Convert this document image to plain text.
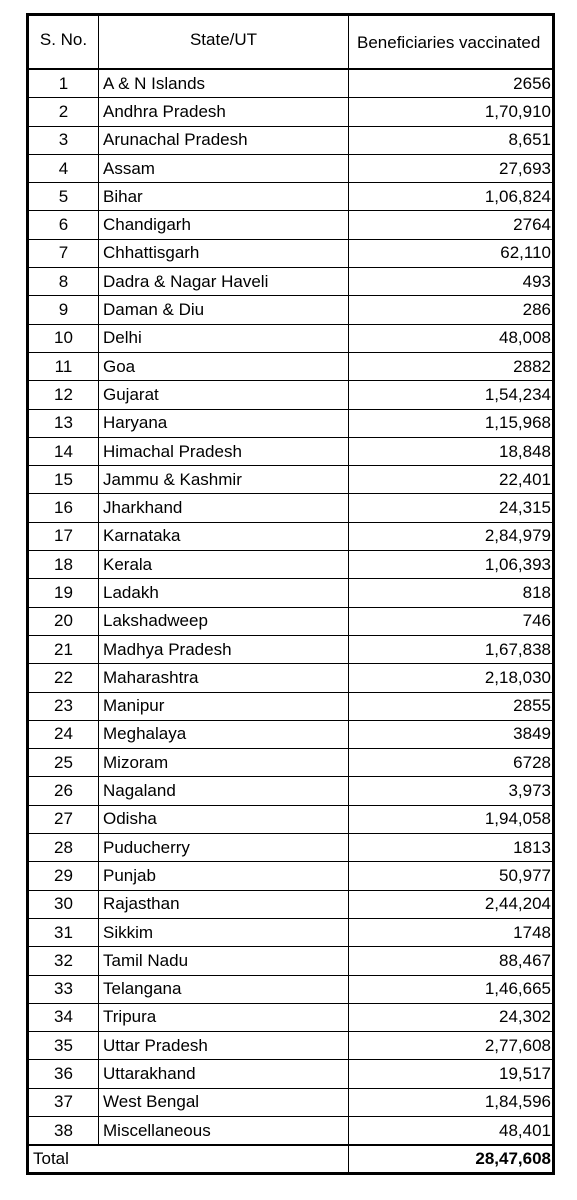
S. No.	State/UT	Beneficiaries vaccinated
1	A & N Islands	2656
2	Andhra Pradesh	1,70,910
3	Arunachal Pradesh	8,651
4	Assam	27,693
5	Bihar	1,06,824
6	Chandigarh	2764
7	Chhattisgarh	62,110
8	Dadra & Nagar Haveli	493
9	Daman & Diu	286
10	Delhi	48,008
11	Goa	2882
12	Gujarat	1,54,234
13	Haryana	1,15,968
14	Himachal Pradesh	18,848
15	Jammu & Kashmir	22,401
16	Jharkhand	24,315
17	Karnataka	2,84,979
18	Kerala	1,06,393
19	Ladakh	818
20	Lakshadweep	746
21	Madhya Pradesh	1,67,838
22	Maharashtra	2,18,030
23	Manipur	2855
24	Meghalaya	3849
25	Mizoram	6728
26	Nagaland	3,973
27	Odisha	1,94,058
28	Puducherry	1813
29	Punjab	50,977
30	Rajasthan	2,44,204
31	Sikkim	1748
32	Tamil Nadu	88,467
33	Telangana	1,46,665
34	Tripura	24,302
35	Uttar Pradesh	2,77,608
36	Uttarakhand	19,517
37	West Bengal	1,84,596
38	Miscellaneous	48,401
Total		28,47,608
